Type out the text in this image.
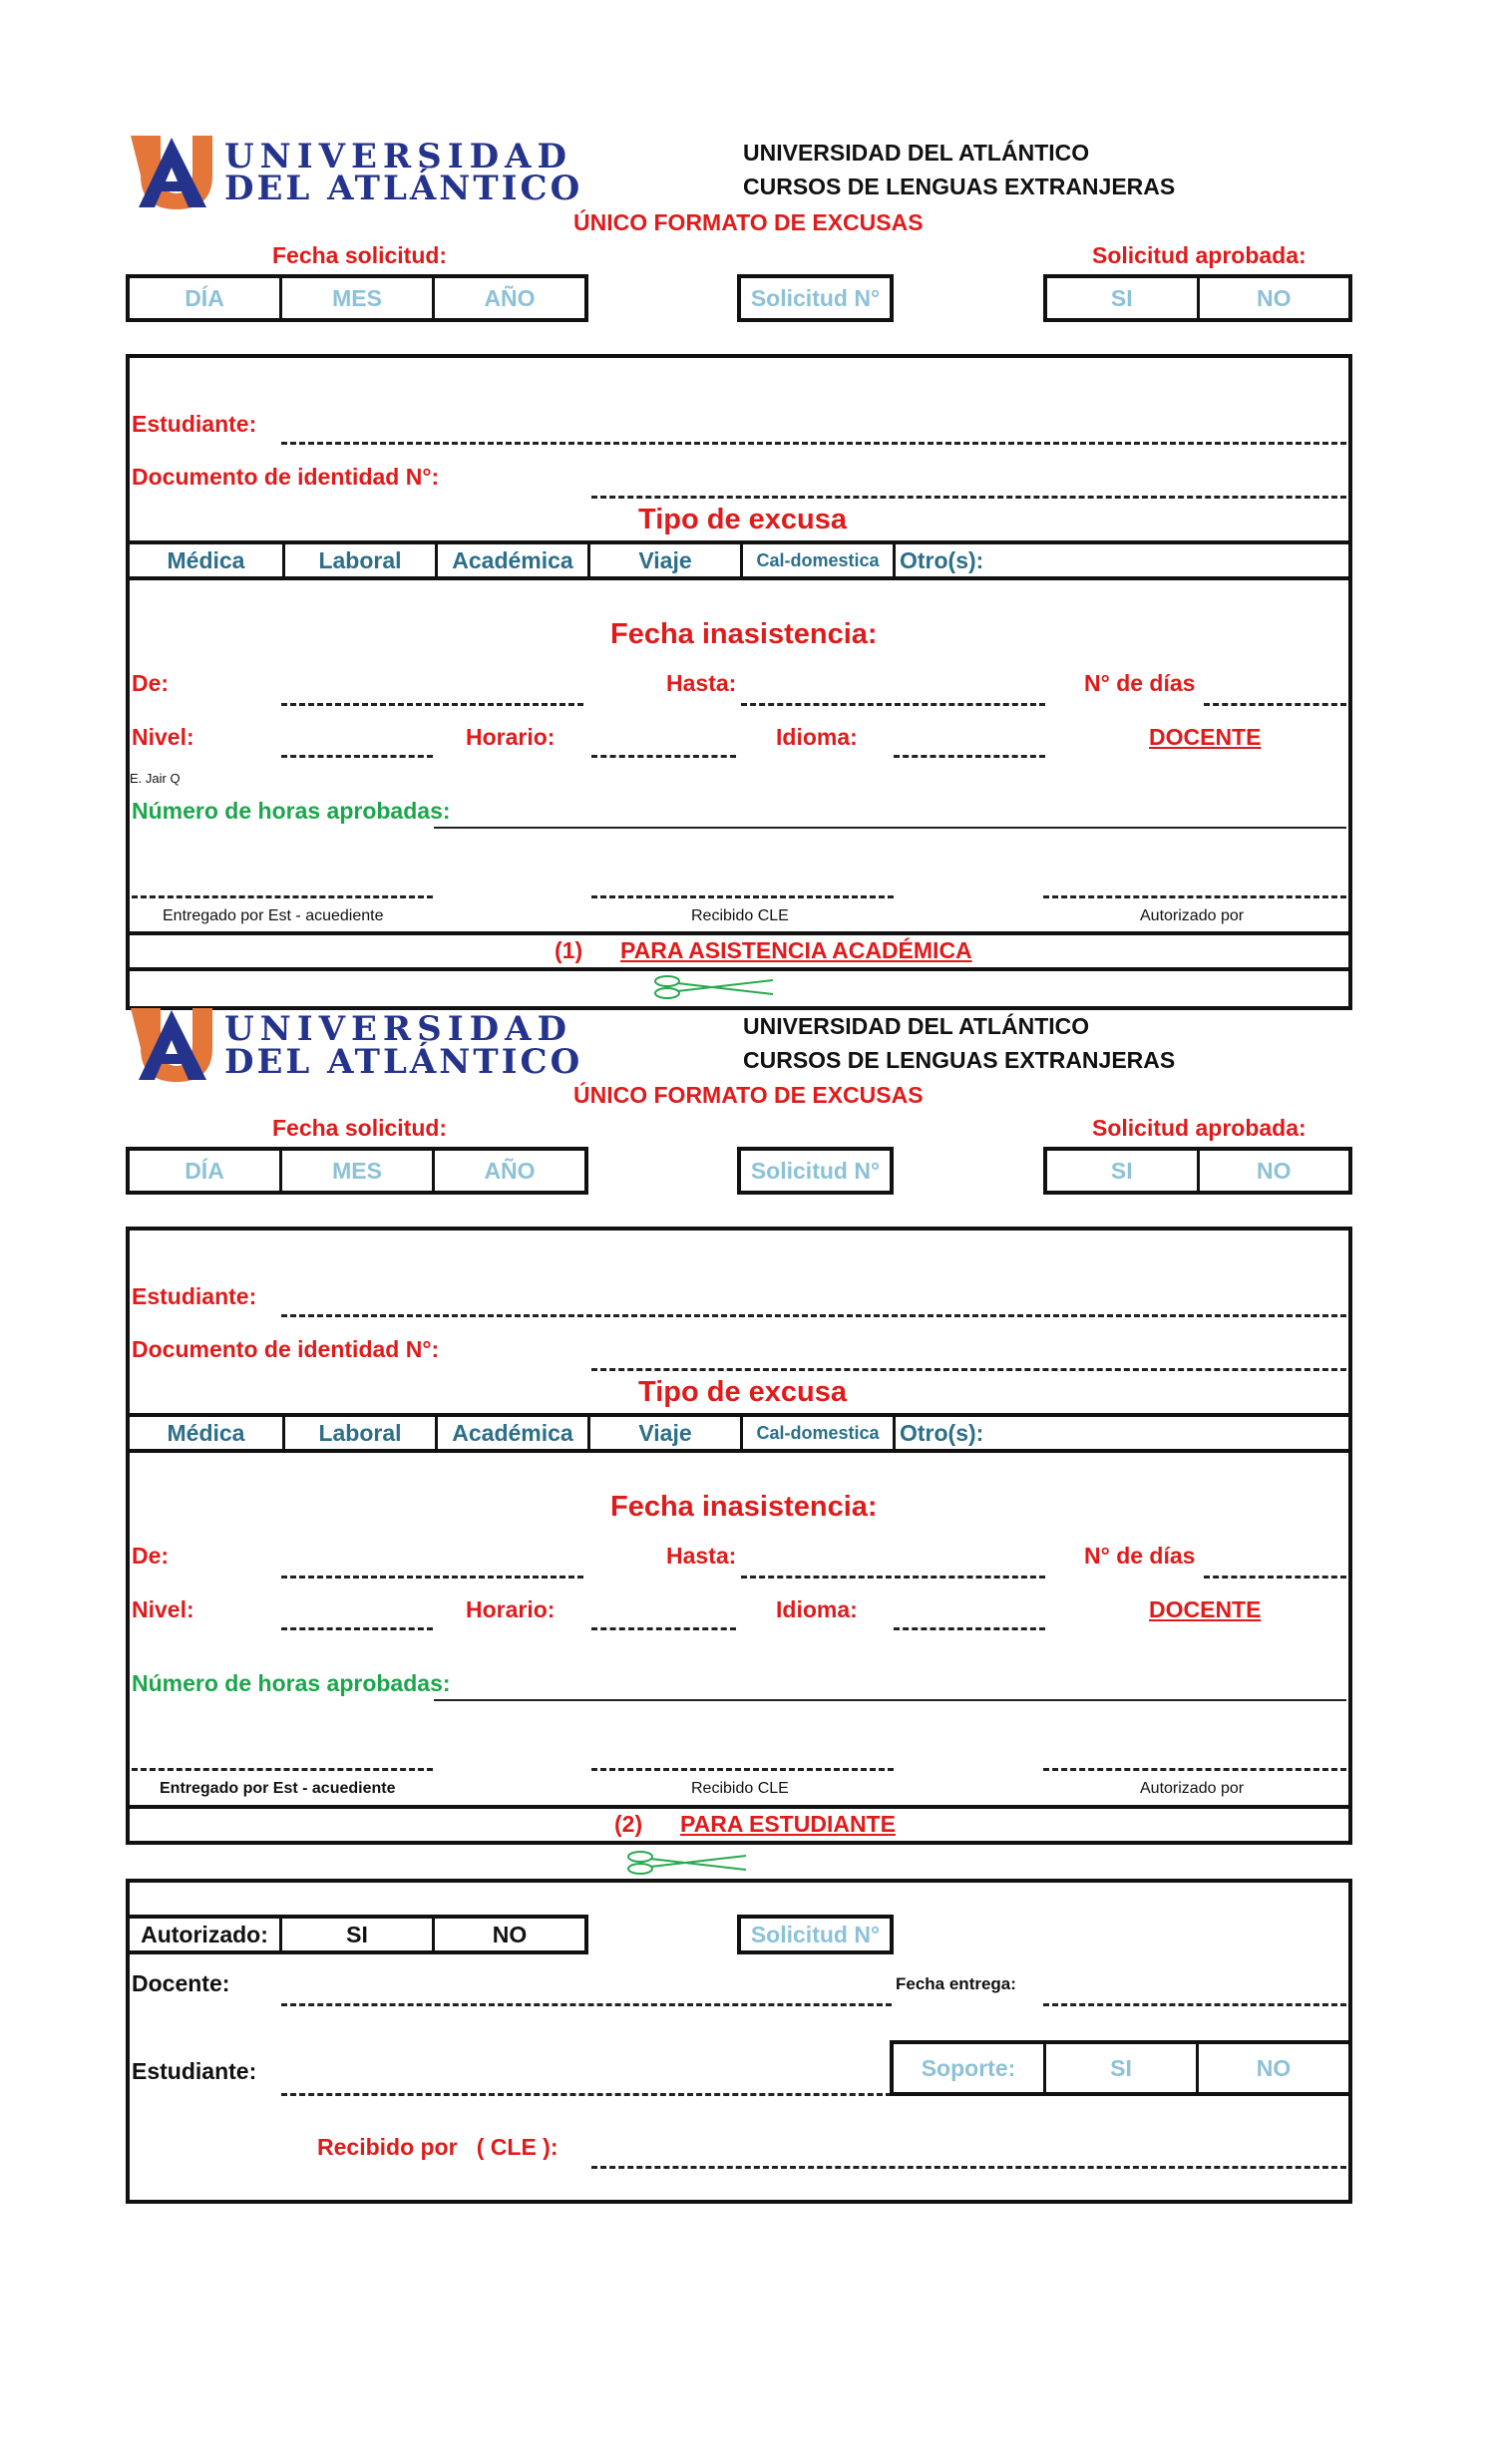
UNIVERSIDAD
DEL ATLÁNTICO
UNIVERSIDAD DEL ATLÁNTICO
CURSOS DE LENGUAS EXTRANJERAS
ÚNICO FORMATO DE EXCUSAS
Fecha solicitud:	Solicitud aprobada:
DÍA	MES	AÑO	Solicitud N°	SI	NO
Estudiante:
Documento de identidad N°:
Tipo de excusa
Médica	Laboral	Académica	Viaje	Cal-domestica Otro(s):
Fecha inasistencia:
De:	Hasta:	N° de días
Nivel:	Horario:	Idioma:	DOCENTE
E. Jair Q
Número de horas aprobadas:
Entregado por Est - acuediente	Recibido CLE	Autorizado por
(1) PARA ASISTENCIA ACADÉMICA
UNIVERSIDAD
DEL ATLÁNTICO
UNIVERSIDAD DEL ATLÁNTICO
CURSOS DE LENGUAS EXTRANJERAS
ÚNICO FORMATO DE EXCUSAS
Fecha solicitud:	Solicitud aprobada:
DÍA	MES	AÑO	Solicitud N°	SI	NO
Estudiante:
Documento de identidad N°:
Tipo de excusa
Médica	Laboral	Académica	Viaje	Cal-domestica Otro(s):
Fecha inasistencia:
De:	Hasta:	N° de días
Nivel:	Horario:	Idioma:	DOCENTE
Número de horas aprobadas:
Entregado por Est - acuediente	Recibido CLE	Autorizado por
(2) PARA ESTUDIANTE
Autorizado:	SI	NO	Solicitud N°
Docente:	Fecha entrega:
Estudiante:	Soporte:	SI	NO
Recibido por   ( CLE ):
